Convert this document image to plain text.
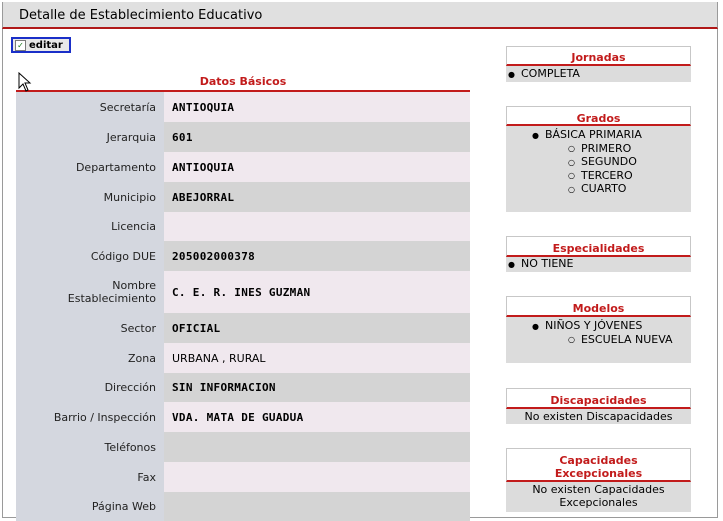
Detalle de Establecimiento Educativo
✓ editar
Datos Básicos
Secretaría	ANTIOQUIA
Jerarquia	601
Departamento	ANTIOQUIA
Municipio	ABEJORRAL
Licencia
Código DUE	205002000378
Nombre Establecimiento	C. E. R. INES GUZMAN
Sector	OFICIAL
Zona	URBANA , RURAL
Dirección	SIN INFORMACION
Barrio / Inspección	VDA. MATA DE GUADUA
Teléfonos
Fax
Página Web
Jornadas
● COMPLETA
Grados
● BÁSICA PRIMARIA
○ PRIMERO
○ SEGUNDO
○ TERCERO
○ CUARTO
Especialidades
● NO TIENE
Modelos
● NIÑOS Y JÓVENES
○ ESCUELA NUEVA
Discapacidades
No existen Discapacidades
Capacidades
Excepcionales
No existen Capacidades
Excepcionales
